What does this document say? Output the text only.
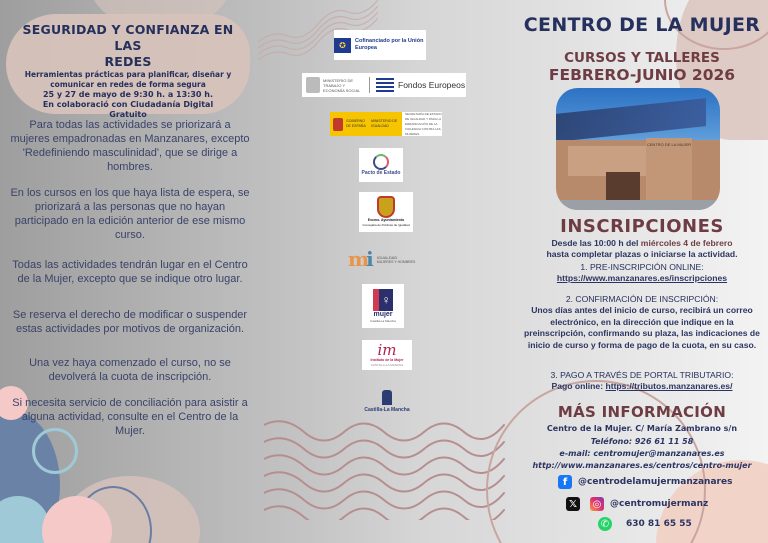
SEGURIDAD Y CONFIANZA EN LAS
REDES
Herramientas prácticas para planificar, diseñar y
comunicar en redes de forma segura
25 y 27 de mayo de 9:30 h. a 13:30 h.
En colaboració con Ciudadanía Digital
Gratuito

Para todas las actividades se priorizará a mujeres empadronadas en Manzanares, excepto 'Redefiniendo masculinidad', que se dirige a hombres.

En los cursos en los que haya lista de espera, se priorizará a las personas que no hayan participado en la edición anterior de ese mismo curso.

Todas las actividades tendrán lugar en el Centro de la Mujer, excepto que se indique otro lugar.

Se reserva el derecho de modificar o suspender estas actividades por motivos de organización.

Una vez haya comenzado el curso, no se devolverá la cuota de inscripción.

Si necesita servicio de conciliación para asistir a alguna actividad, consulte en el Centro de la Mujer.

✪	Cofinanciado por la Unión Europea
MINISTERIO DE TRABAJO Y ECONOMÍA SOCIAL	Fondos Europeos
GOBIERNO DE ESPAÑA
MINISTERIO DE IGUALDAD
SECRETARÍA DE ESTADO DE IGUALDAD Y PARA LA ERRADICACIÓN DE LA VIOLENCIA CONTRA LAS MUJERES
Pacto de Estado
Excmo. Ayuntamiento
Concejalía de Políticas de Igualdad
mi IGUALDAD
MUJERES Y HOMBRES
♀
mujer
Castilla-La Mancha
im
Instituto de la Mujer
CASTILLA-LA MANCHA
Castilla-La Mancha
CENTRO DE LA MUJER
CURSOS Y TALLERES
FEBRERO-JUNIO 2026
CENTRO DE LA MUJER
INSCRIPCIONES
Desde las 10:00 h del miércoles 4 de febrero
hasta completar plazas o iniciarse la actividad.
1. PRE-INSCRIPCIÓN ONLINE:
https://www.manzanares.es/inscripciones
2. CONFIRMACIÓN DE INSCRIPCIÓN:
Unos días antes del inicio de curso, recibirá un correo electrónico, en la dirección que indique en la preinscripción, confirmando su plaza, las indicaciones de inicio de curso y forma de pago de la cuota, en su caso.
3. PAGO A TRAVÉS DE PORTAL TRIBUTARIO:
Pago online: https://tributos.manzanares.es/
MÁS INFORMACIÓN
Centro de la Mujer. C/ María Zambrano s/n
Teléfono: 926 61 11 58
e-mail: centromujer@manzanares.es
http://www.manzanares.es/centros/centro-mujer
f	@centrodelamujermanzanares
𝕏 ◎ @centromujermanz
✆	630 81 65 55
